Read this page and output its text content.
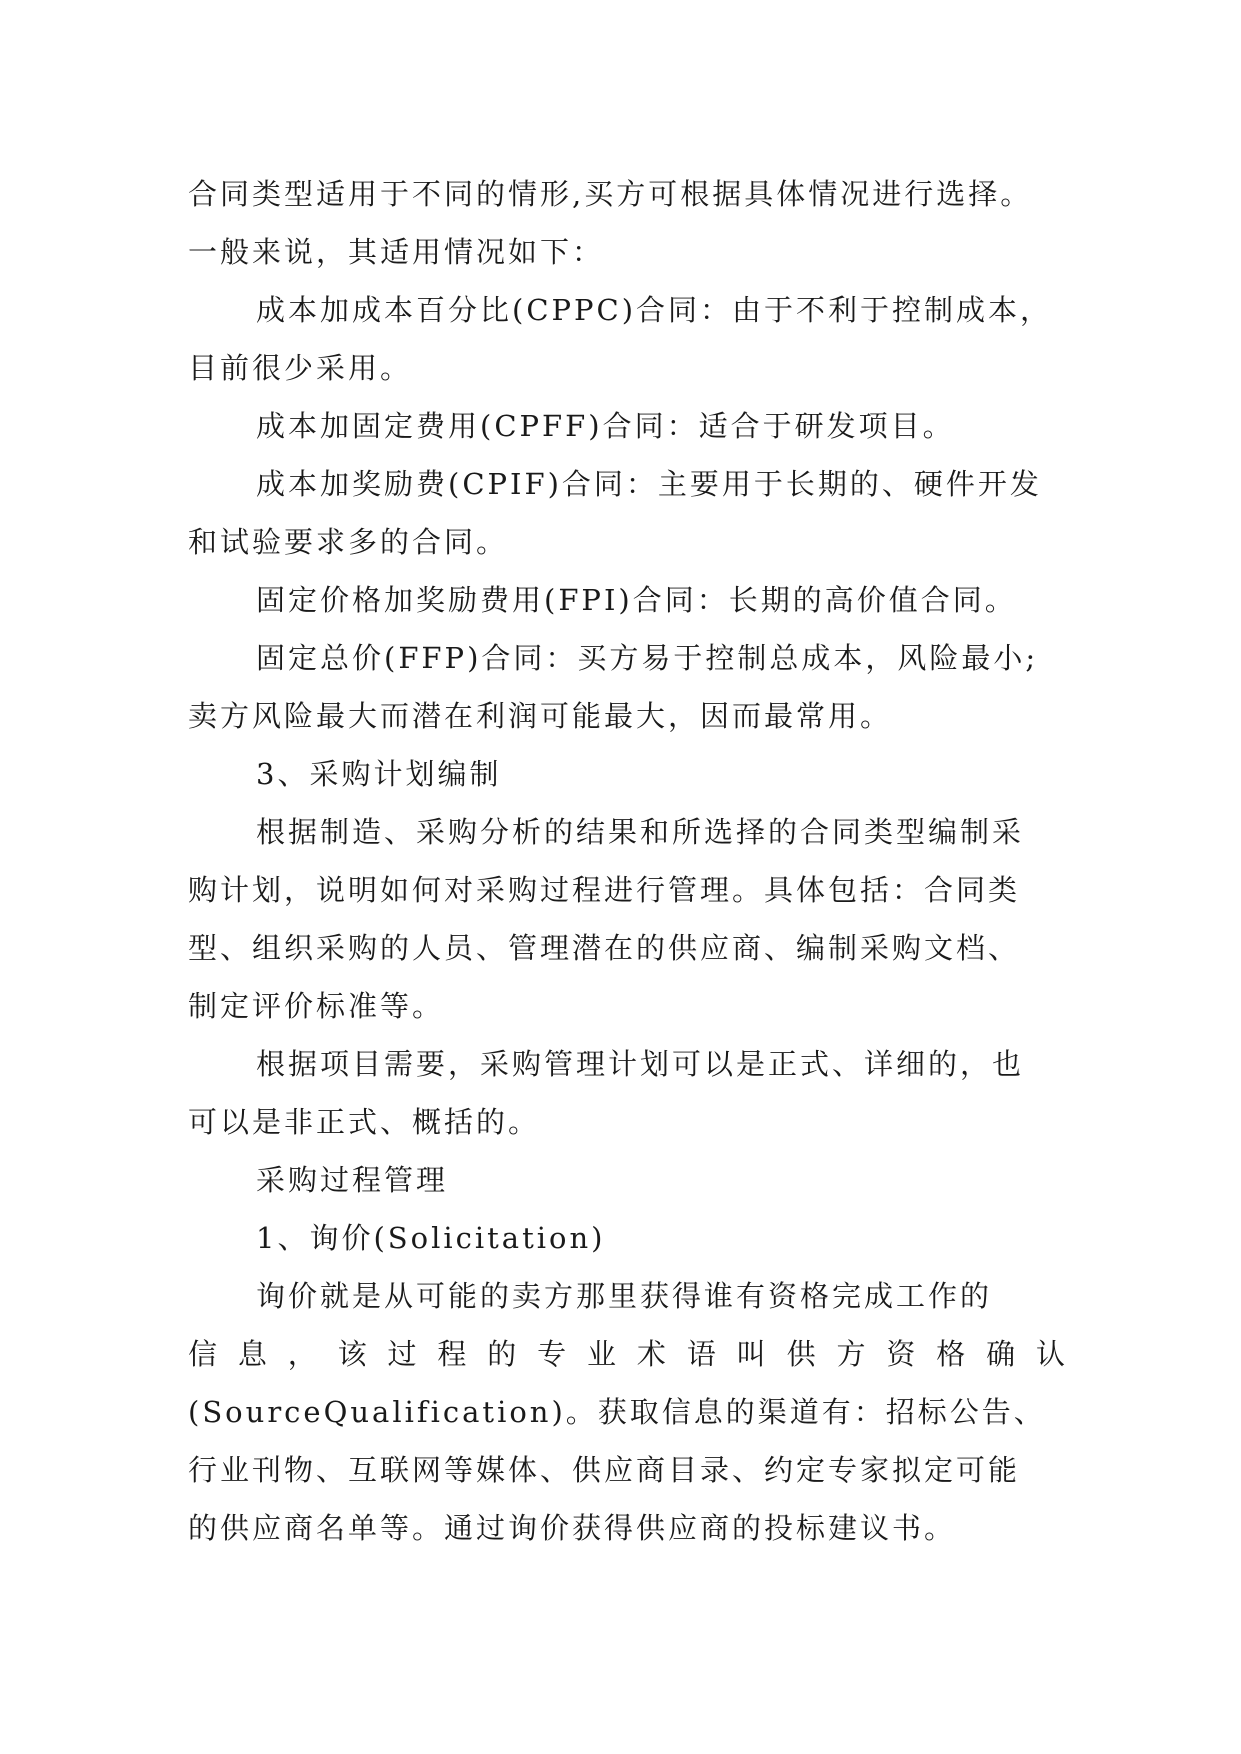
合同类型适用于不同的情形,买方可根据具体情况进行选择。
一般来说，其适用情况如下：
成本加成本百分比(CPPC)合同：由于不利于控制成本，
目前很少采用。
成本加固定费用(CPFF)合同：适合于研发项目。
成本加奖励费(CPIF)合同：主要用于长期的、硬件开发
和试验要求多的合同。
固定价格加奖励费用(FPI)合同：长期的高价值合同。
固定总价(FFP)合同：买方易于控制总成本，风险最小;
卖方风险最大而潜在利润可能最大，因而最常用。
3、采购计划编制
根据制造、采购分析的结果和所选择的合同类型编制采
购计划，说明如何对采购过程进行管理。具体包括：合同类
型、组织采购的人员、管理潜在的供应商、编制采购文档、
制定评价标准等。
根据项目需要，采购管理计划可以是正式、详细的，也
可以是非正式、概括的。
采购过程管理
1、询价(Solicitation)
询价就是从可能的卖方那里获得谁有资格完成工作的
信息，该过程的专业术语叫供方资格确认
(SourceQualification)。获取信息的渠道有：招标公告、
行业刊物、互联网等媒体、供应商目录、约定专家拟定可能
的供应商名单等。通过询价获得供应商的投标建议书。
